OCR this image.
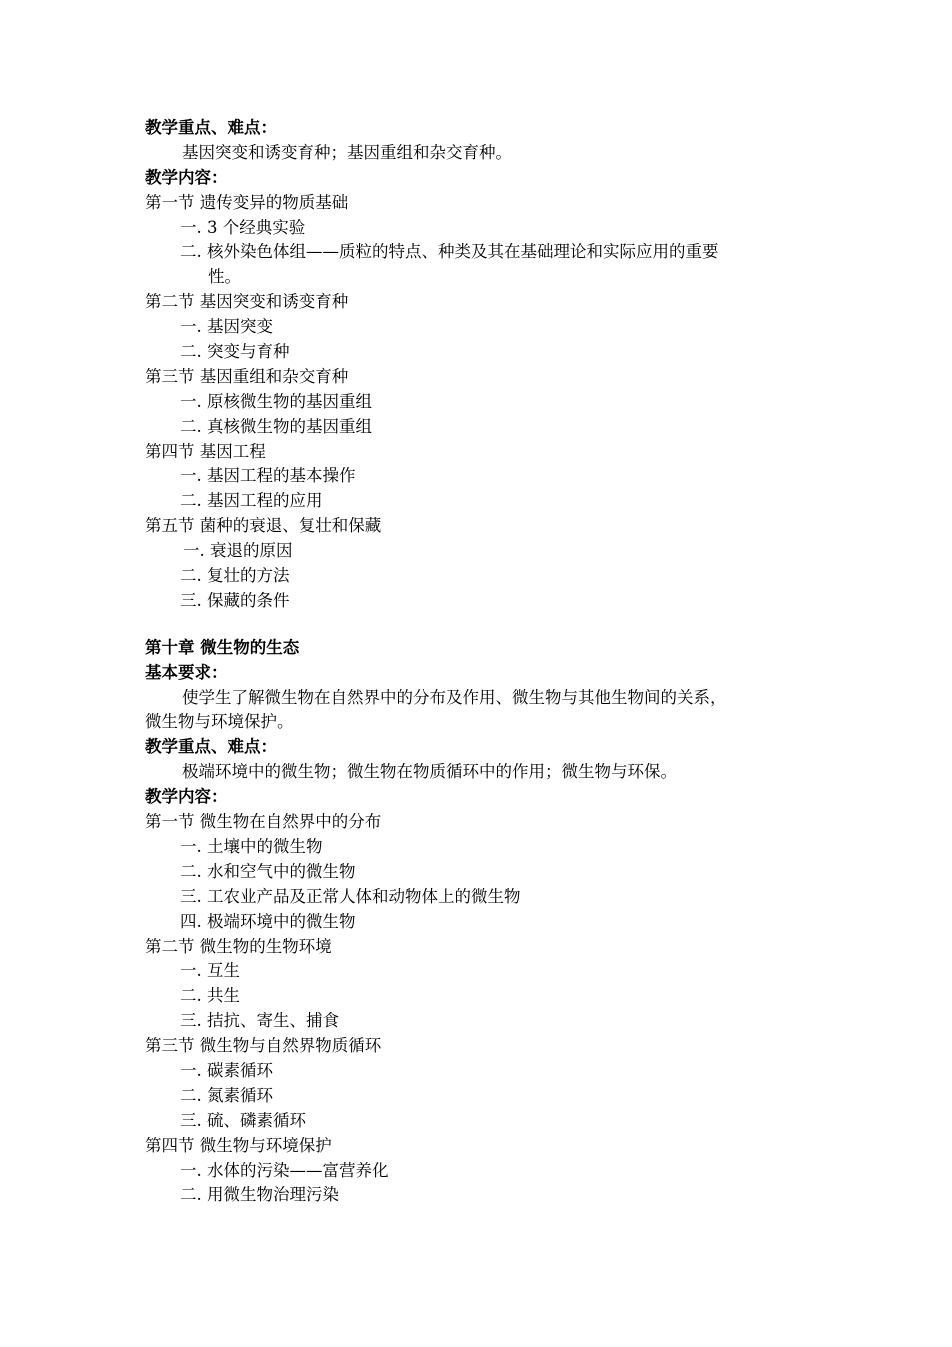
教学重点、难点：
基因突变和诱变育种；基因重组和杂交育种。
教学内容：
第一节 遗传变异的物质基础
一. 3 个经典实验
二. 核外染色体组——质粒的特点、种类及其在基础理论和实际应用的重要
性。
第二节 基因突变和诱变育种
一. 基因突变
二. 突变与育种
第三节 基因重组和杂交育种
一. 原核微生物的基因重组
二. 真核微生物的基因重组
第四节 基因工程
一. 基因工程的基本操作
二. 基因工程的应用
第五节 菌种的衰退、复壮和保藏
一. 衰退的原因
二. 复壮的方法
三. 保藏的条件
第十章 微生物的生态
基本要求：
使学生了解微生物在自然界中的分布及作用、微生物与其他生物间的关系，
微生物与环境保护。
教学重点、难点：
极端环境中的微生物；微生物在物质循环中的作用；微生物与环保。
教学内容：
第一节 微生物在自然界中的分布
一. 土壤中的微生物
二. 水和空气中的微生物
三. 工农业产品及正常人体和动物体上的微生物
四. 极端环境中的微生物
第二节 微生物的生物环境
一. 互生
二. 共生
三. 拮抗、寄生、捕食
第三节 微生物与自然界物质循环
一. 碳素循环
二. 氮素循环
三. 硫、磷素循环
第四节 微生物与环境保护
一. 水体的污染——富营养化
二. 用微生物治理污染
